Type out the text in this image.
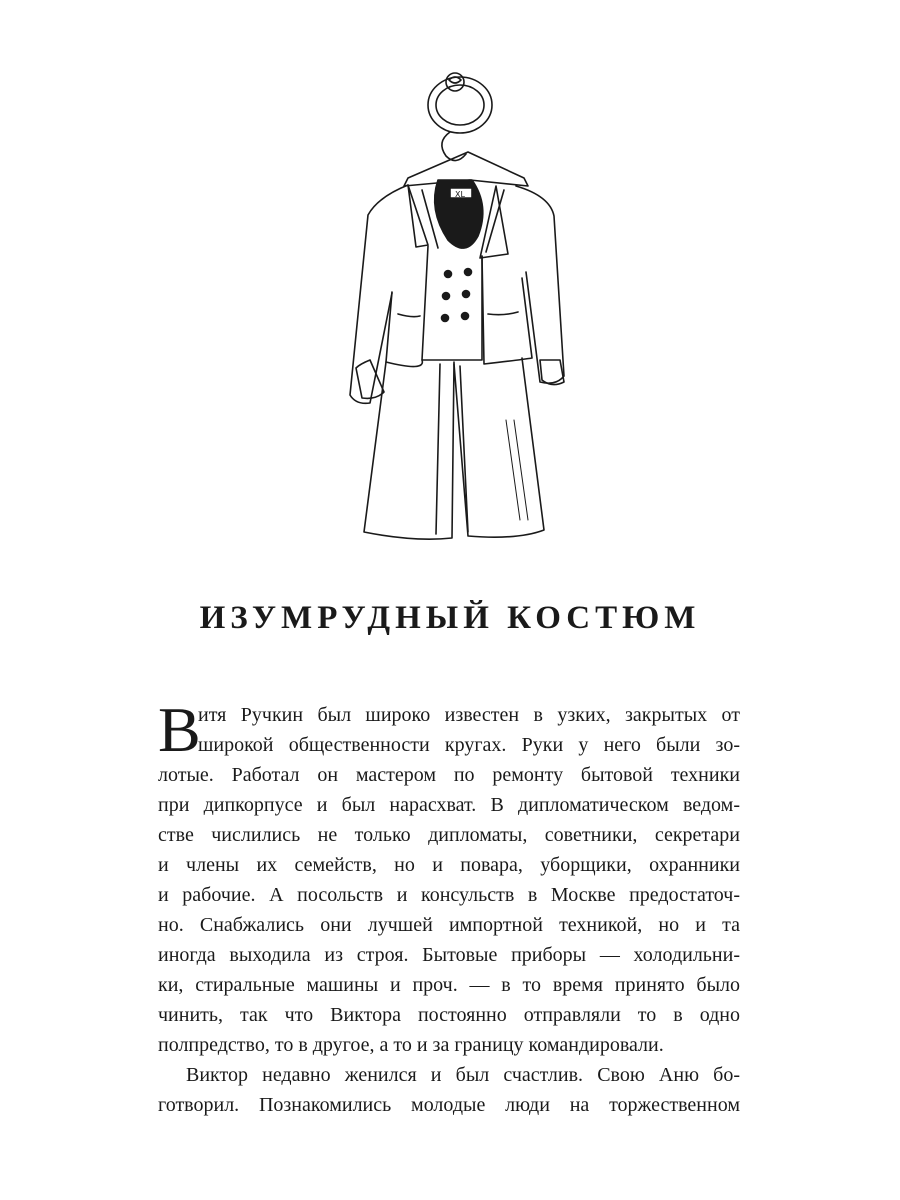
XL
ИЗУМРУДНЫЙ КОСТЮМ
В
итя Ручкин был широко известен в узких, закрытых от
широкой общественности кругах. Руки у него были зо-
лотые. Работал он мастером по ремонту бытовой техники
при дипкорпусе и был нарасхват. В дипломатическом ведом-
стве числились не только дипломаты, советники, секретари
и члены их семейств, но и повара, уборщики, охранники
и рабочие. А посольств и консульств в Москве предостаточ-
но. Снабжались они лучшей импортной техникой, но и та
иногда выходила из строя. Бытовые приборы — холодильни-
ки, стиральные машины и проч. — в то время принято было
чинить, так что Виктора постоянно отправляли то в одно
полпредство, то в другое, а то и за границу командировали.
Виктор недавно женился и был счастлив. Свою Аню бо-
готворил. Познакомились молодые люди на торжественном
